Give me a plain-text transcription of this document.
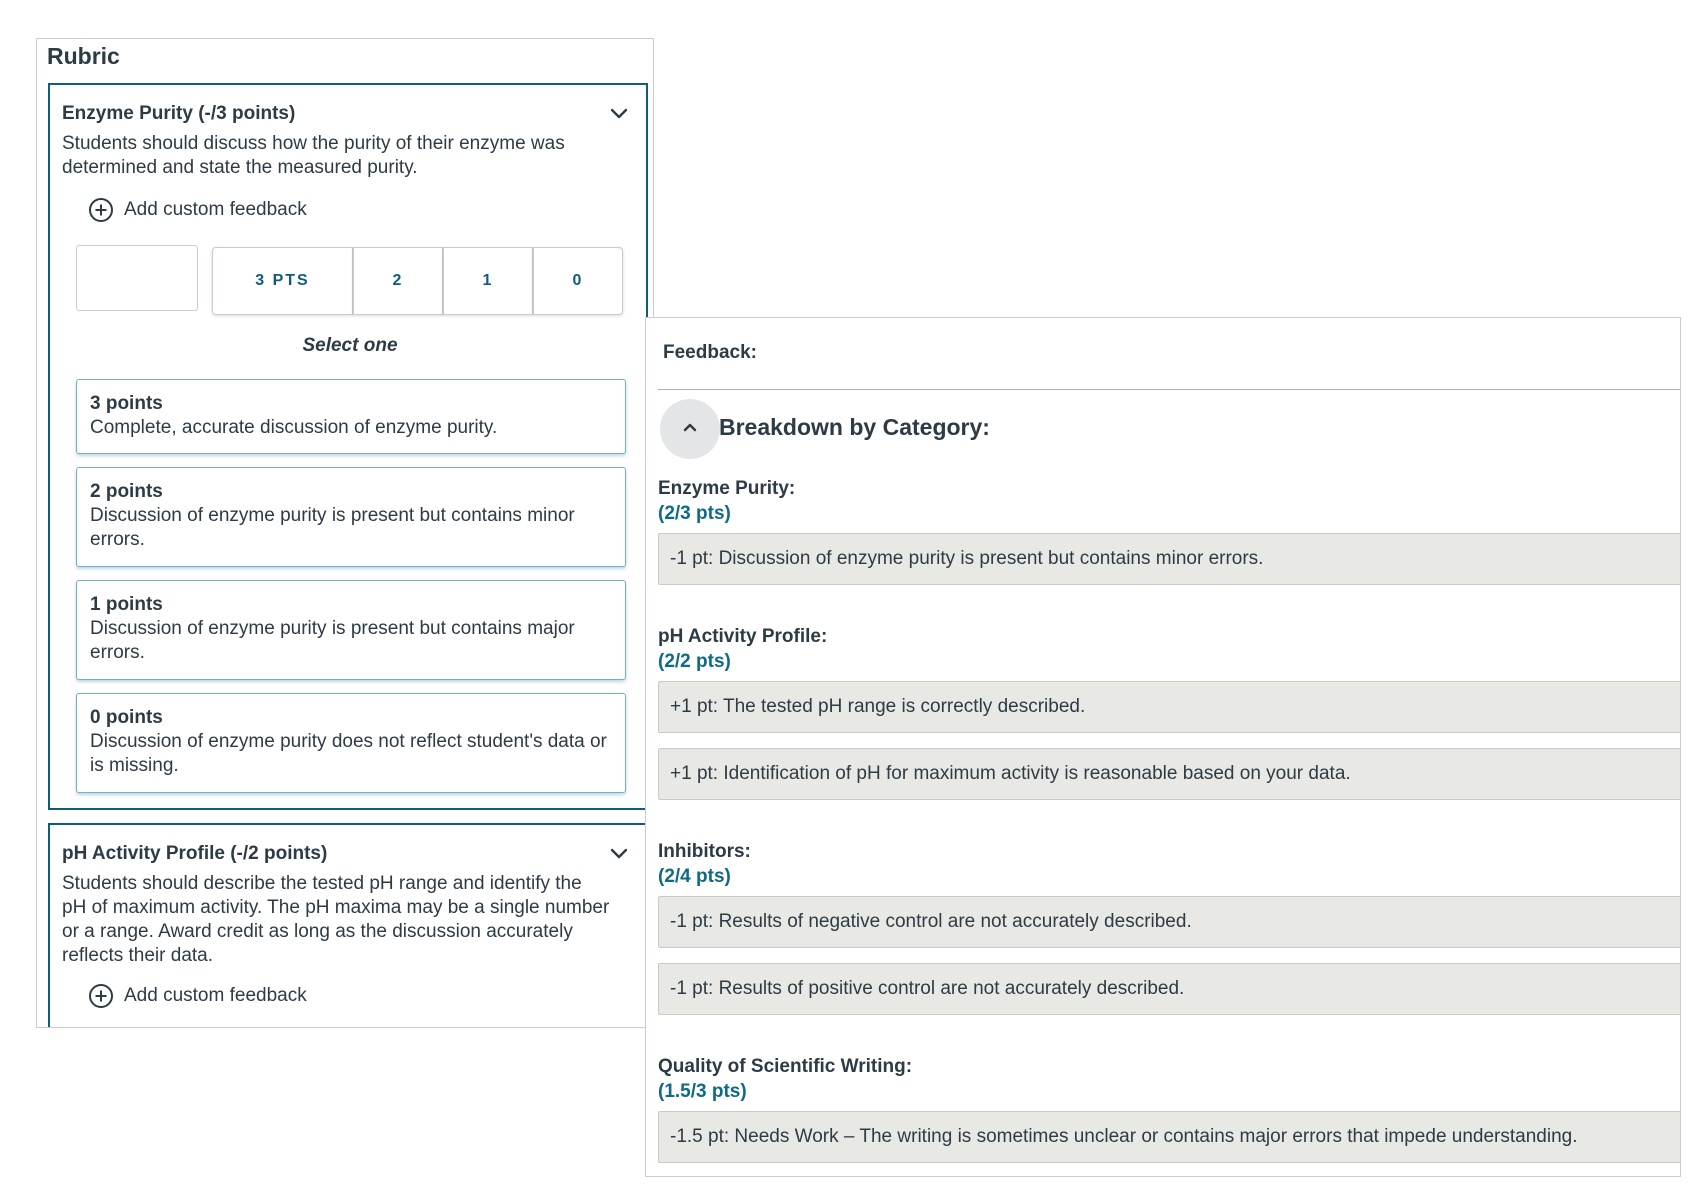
Rubric
Enzyme Purity (-/3 points)
Students should discuss how the purity of their enzyme was determined and state the measured purity.
Add custom feedback
3 PTS	2	1	0
Select one
3 points
Complete, accurate discussion of enzyme purity.
2 points
Discussion of enzyme purity is present but contains minor errors.
1 points
Discussion of enzyme purity is present but contains major errors.
0 points
Discussion of enzyme purity does not reflect student's data or is missing.
pH Activity Profile (-/2 points)
Students should describe the tested pH range and identify the pH of maximum activity. The pH maxima may be a single number or a range. Award credit as long as the discussion accurately reflects their data.
Add custom feedback
Feedback:
Breakdown by Category:
Enzyme Purity:
(2/3 pts)
-1 pt: Discussion of enzyme purity is present but contains minor errors.
pH Activity Profile:
(2/2 pts)
+1 pt: The tested pH range is correctly described.
+1 pt: Identification of pH for maximum activity is reasonable based on your data.
Inhibitors:
(2/4 pts)
-1 pt: Results of negative control are not accurately described.
-1 pt: Results of positive control are not accurately described.
Quality of Scientific Writing:
(1.5/3 pts)
-1.5 pt: Needs Work – The writing is sometimes unclear or contains major errors that impede understanding.
